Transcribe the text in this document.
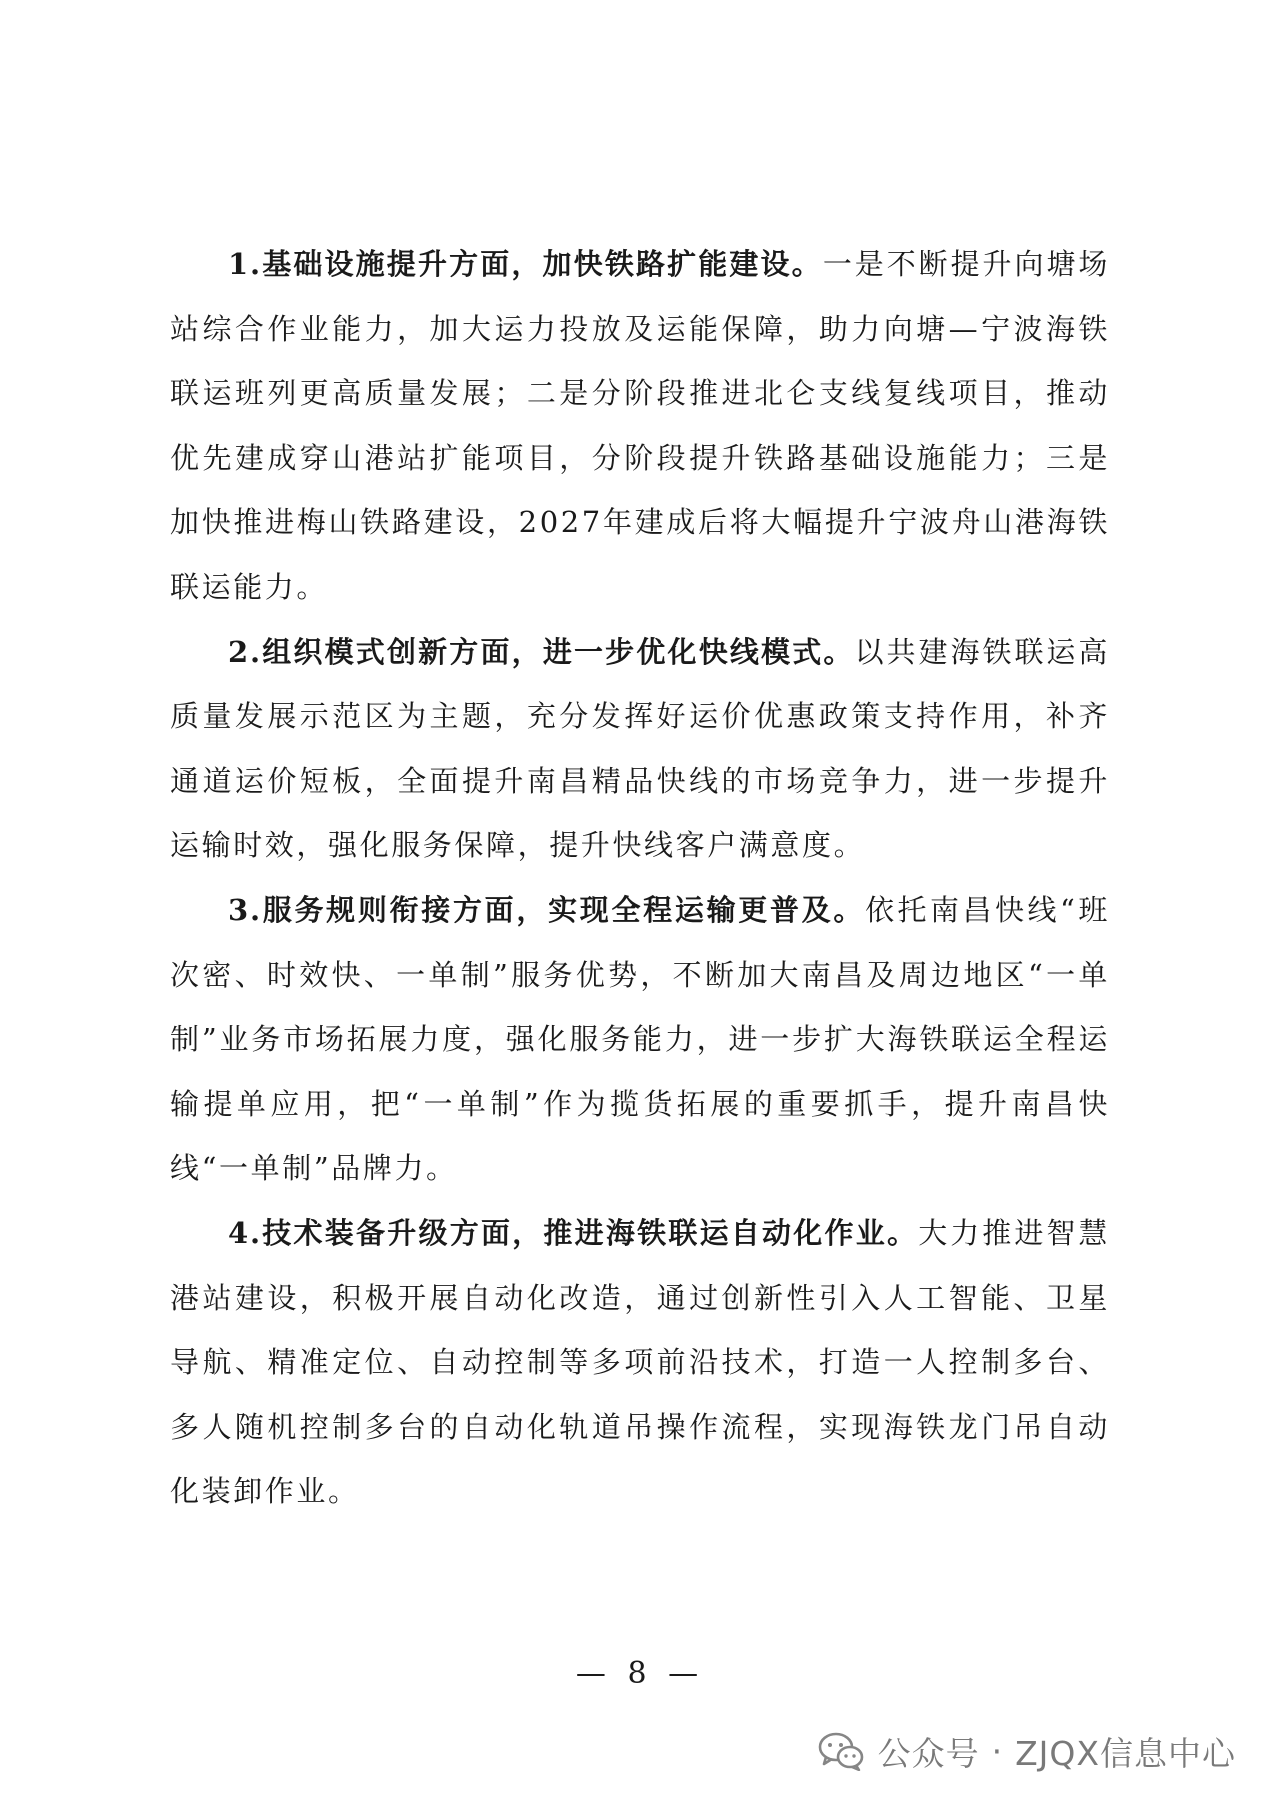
1.基础设施提升方面，加快铁路扩能建设。一是不断提升向塘场站综合作业能力，加大运力投放及运能保障，助力向塘—宁波海铁联运班列更高质量发展；二是分阶段推进北仑支线复线项目，推动优先建成穿山港站扩能项目，分阶段提升铁路基础设施能力；三是加快推进梅山铁路建设，2027年建成后将大幅提升宁波舟山港海铁联运能力。

2.组织模式创新方面，进一步优化快线模式。以共建海铁联运高质量发展示范区为主题，充分发挥好运价优惠政策支持作用，补齐通道运价短板，全面提升南昌精品快线的市场竞争力，进一步提升运输时效，强化服务保障，提升快线客户满意度。

3.服务规则衔接方面，实现全程运输更普及。依托南昌快线“班次密、时效快、一单制”服务优势，不断加大南昌及周边地区“一单制”业务市场拓展力度，强化服务能力，进一步扩大海铁联运全程运输提单应用，把“一单制”作为揽货拓展的重要抓手，提升南昌快线“一单制”品牌力。

4.技术装备升级方面，推进海铁联运自动化作业。大力推进智慧港站建设，积极开展自动化改造，通过创新性引入人工智能、卫星导航、精准定位、自动控制等多项前沿技术，打造一人控制多台、多人随机控制多台的自动化轨道吊操作流程，实现海铁龙门吊自动化装卸作业。

— 8 —
公众号 · ZJQX信息中心
